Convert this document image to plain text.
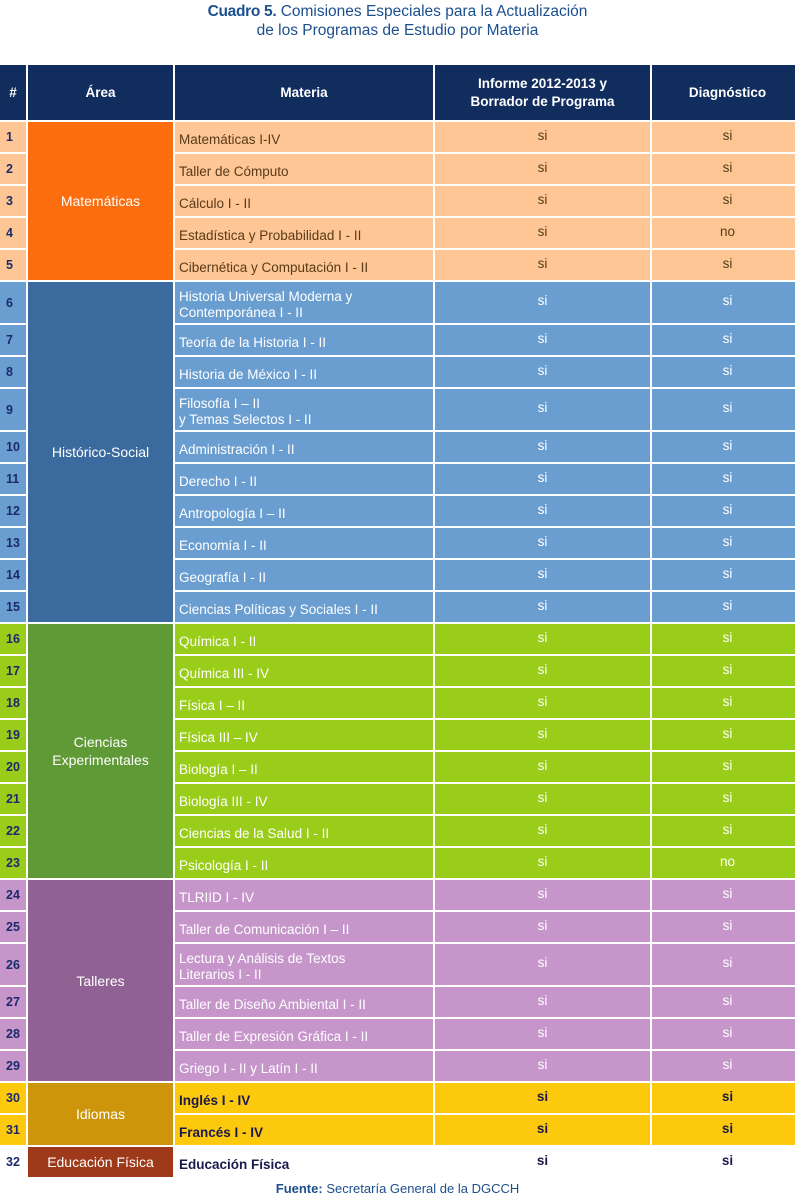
Cuadro 5. Comisiones Especiales para la Actualización
de los Programas de Estudio por Materia
#	Área	Materia	Informe 2012-2013 y
Borrador de Programa	Diagnóstico
1	Matemáticas	Matemáticas I-IV	si	si
2		Taller de Cómputo	si	si
3		Cálculo I - II	si	si
4		Estadística y Probabilidad I - II	si	no
5		Cibernética y Computación I - II	si	si
6	Histórico-Social	Historia Universal Moderna y
Contemporánea I - II	si	si
7		Teoría de la Historia I - II	si	si
8		Historia de México I - II	si	si
9		Filosofía I – II
y Temas Selectos I - II	si	si
10		Administración I - II	si	si
11		Derecho I - II	si	si
12		Antropología I – II	si	si
13		Economía I - II	si	si
14		Geografía I - II	si	si
15		Ciencias Políticas y Sociales I - II	si	si
16	Ciencias
Experimentales	Química I - II	si	si
17		Química III - IV	si	si
18		Física I – II	si	si
19		Física III – IV	si	si
20		Biología I – II	si	si
21		Biología III - IV	si	si
22		Ciencias de la Salud I - II	si	si
23		Psicología I - II	si	no
24	Talleres	TLRIID I - IV	si	si
25		Taller de Comunicación I – II	si	si
26		Lectura y Análisis de Textos
Literarios I - II	si	si
27		Taller de Diseño Ambiental I - II	si	si
28		Taller de Expresión Gráfica I - II	si	si
29		Griego I - II y Latín I - II	si	si
30	Idiomas	Inglés I - IV	si	si
31		Francés I - IV	si	si
32	Educación Física	Educación Física	si	si
Fuente: Secretaría General de la DGCCH
